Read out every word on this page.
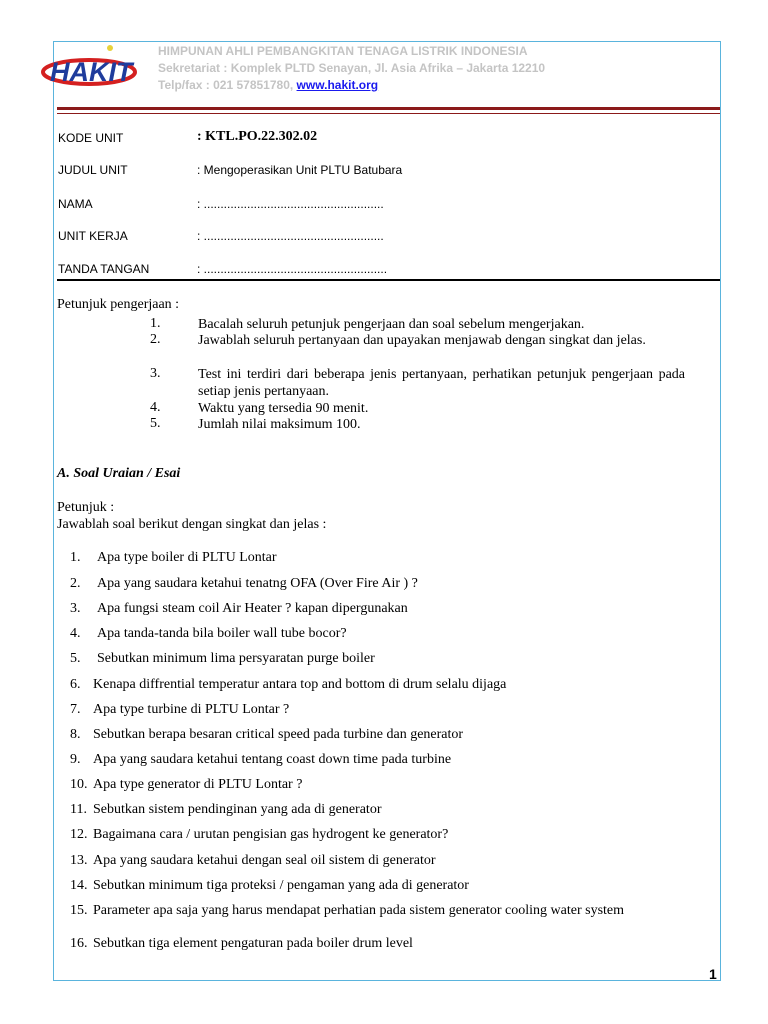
HAKIT
HIMPUNAN AHLI PEMBANGKITAN TENAGA LISTRIK INDONESIA
Sekretariat : Komplek PLTD Senayan, Jl. Asia Afrika – Jakarta 12210
Telp/fax : 021 57851780, www.hakit.org
KODE UNIT	: KTL.PO.22.302.02
JUDUL UNIT	: Mengoperasikan Unit PLTU Batubara
NAMA	: ......................................................
UNIT KERJA	: ......................................................
TANDA TANGAN	: .......................................................
Petunjuk pengerjaan :
1.	Bacalah seluruh petunjuk pengerjaan dan soal sebelum mengerjakan.
2.	Jawablah seluruh pertanyaan dan upayakan menjawab dengan singkat dan jelas.
3.	Test ini terdiri dari beberapa jenis pertanyaan, perhatikan petunjuk pengerjaan pada setiap jenis pertanyaan.
4.	Waktu yang tersedia 90 menit.
5.	Jumlah nilai maksimum 100.
A. Soal Uraian / Esai
Petunjuk :
Jawablah soal berikut dengan singkat dan jelas :
1. Apa type boiler di PLTU Lontar
2. Apa yang saudara ketahui tenatng OFA (Over Fire Air ) ?
3. Apa fungsi steam coil Air Heater ? kapan dipergunakan
4. Apa tanda-tanda bila boiler wall tube bocor?
5. Sebutkan minimum lima persyaratan purge boiler
6. Kenapa diffrential temperatur antara top and bottom di drum selalu dijaga
7. Apa type turbine di PLTU Lontar ?
8. Sebutkan berapa besaran critical speed pada turbine dan generator
9. Apa yang saudara ketahui tentang coast down time pada turbine
10. Apa type generator di PLTU Lontar ?
11. Sebutkan sistem pendinginan yang ada di generator
12. Bagaimana cara / urutan pengisian gas hydrogent ke generator?
13. Apa yang saudara ketahui dengan seal oil sistem di generator
14. Sebutkan minimum tiga proteksi / pengaman yang ada di generator
15. Parameter apa saja yang harus mendapat perhatian pada sistem generator cooling water system
16. Sebutkan tiga element pengaturan pada boiler drum level
1
